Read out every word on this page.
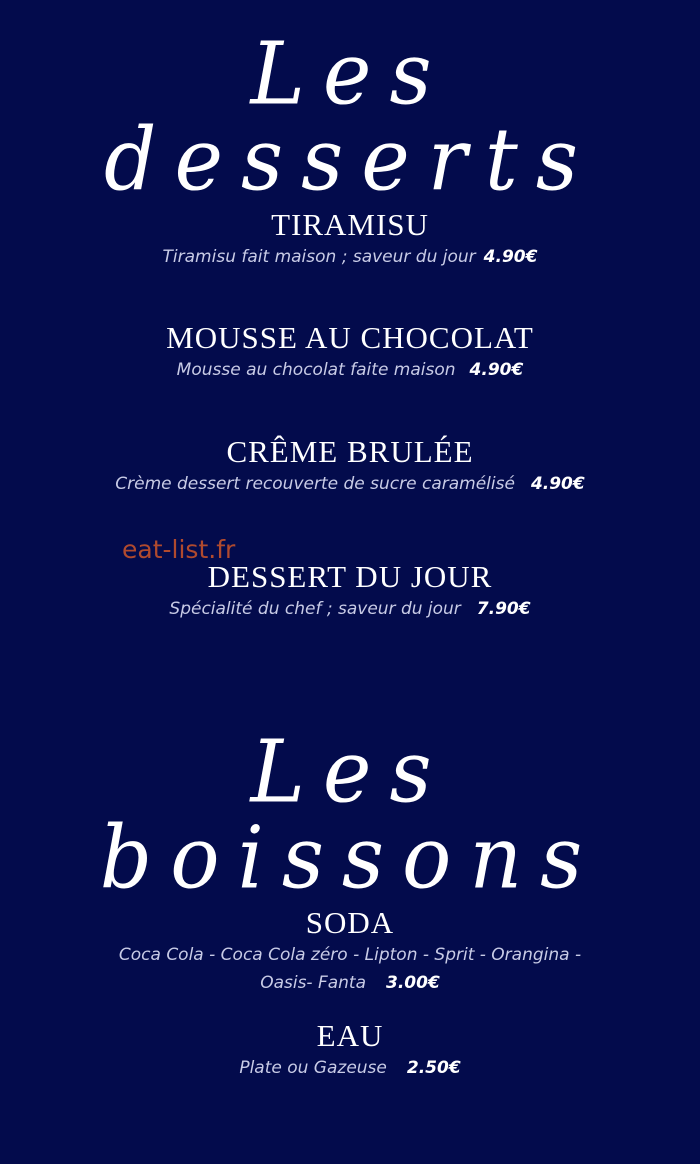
Les desserts
TIRAMISU
Tiramisu fait maison ; saveur du jour 4.90€
MOUSSE AU CHOCOLAT
Mousse au chocolat faite maison 4.90€
CRÊME BRULÉE
Crème dessert recouverte de sucre caramélisé 4.90€
eat-list.fr
DESSERT DU JOUR
Spécialité du chef ; saveur du jour 7.90€
Les boissons
SODA
Coca Cola - Coca Cola zéro - Lipton - Sprit - Orangina -
Oasis- Fanta 3.00€
EAU
Plate ou Gazeuse 2.50€
